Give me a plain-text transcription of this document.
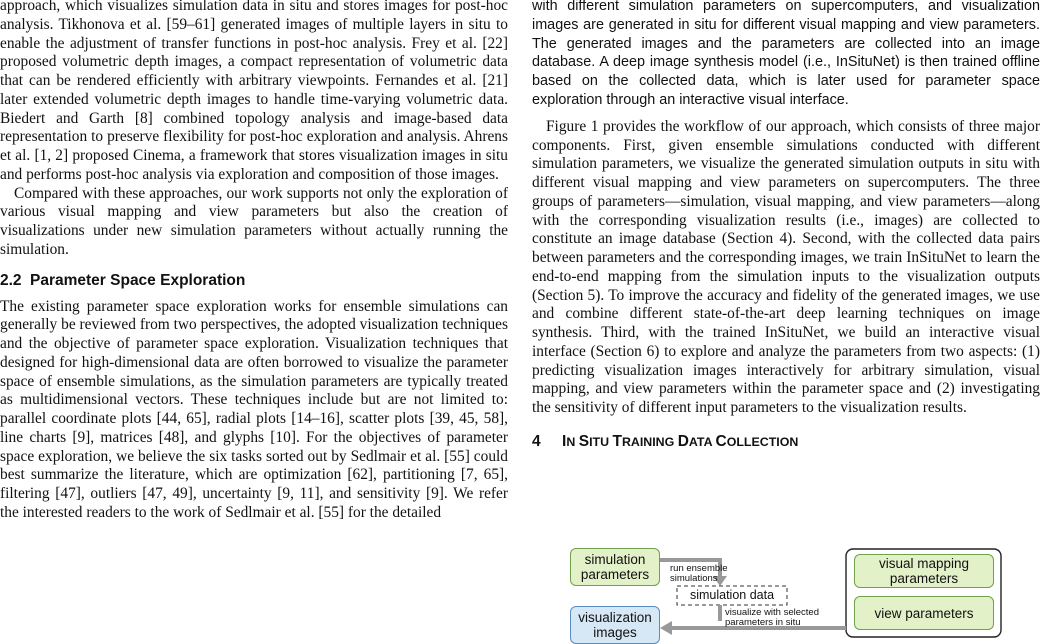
approach, which visualizes simulation data in situ and stores images for post-hoc analysis. Tikhonova et al. [59–61] generated images of multiple layers in situ to enable the adjustment of transfer functions in post-hoc analysis. Frey et al. [22] proposed volumetric depth images, a compact representation of volumetric data that can be rendered efficiently with arbitrary viewpoints. Fernandes et al. [21] later extended volumetric depth images to handle time-varying volumetric data. Biedert and Garth [8] combined topology analysis and image-based data representation to preserve flexibility for post-hoc exploration and analysis. Ahrens et al. [1, 2] proposed Cinema, a framework that stores visualization images in situ and performs post-hoc analysis via exploration and composition of those images.

Compared with these approaches, our work supports not only the exploration of various visual mapping and view parameters but also the creation of visualizations under new simulation parameters without actually running the simulation.

2.2 Parameter Space Exploration

The existing parameter space exploration works for ensemble simulations can generally be reviewed from two perspectives, the adopted visualization techniques and the objective of parameter space exploration. Visualization techniques that designed for high-dimensional data are often borrowed to visualize the parameter space of ensemble simulations, as the simulation parameters are typically treated as multidimensional vectors. These techniques include but are not limited to: parallel coordinate plots [44, 65], radial plots [14–16], scatter plots [39, 45, 58], line charts [9], matrices [48], and glyphs [10]. For the objectives of parameter space exploration, we believe the six tasks sorted out by Sedlmair et al. [55] could best summarize the literature, which are optimization [62], partitioning [7, 65], filtering [47], outliers [47, 49], uncertainty [9, 11], and sensitivity [9]. We refer the interested readers to the work of Sedlmair et al. [55] for the detailed

with different simulation parameters on supercomputers, and visualization images are generated in situ for different visual mapping and view parameters. The generated images and the parameters are collected into an image database. A deep image synthesis model (i.e., InSituNet) is then trained offline based on the collected data, which is later used for parameter space exploration through an interactive visual interface.

Figure 1 provides the workflow of our approach, which consists of three major components. First, given ensemble simulations conducted with different simulation parameters, we visualize the generated simulation outputs in situ with different visual mapping and view parameters on supercomputers. The three groups of parameters—simulation, visual mapping, and view parameters—along with the corresponding visualization results (i.e., images) are collected to constitute an image database (Section 4). Second, with the collected data pairs between parameters and the corresponding images, we train InSituNet to learn the end-to-end mapping from the simulation inputs to the visualization outputs (Section 5). To improve the accuracy and fidelity of the generated images, we use and combine different state-of-the-art deep learning techniques on image synthesis. Third, with the trained InSituNet, we build an interactive visual interface (Section 6) to explore and analyze the parameters from two aspects: (1) predicting visualization images interactively for arbitrary simulation, visual mapping, and view parameters within the parameter space and (2) investigating the sensitivity of different input parameters to the visualization results.

4 IN SITU TRAINING DATA COLLECTION
simulation parameters	run ensemble simulations
simulation data
visualize with selected parameters in situ
visualization images
visual mapping parameters
view parameters
